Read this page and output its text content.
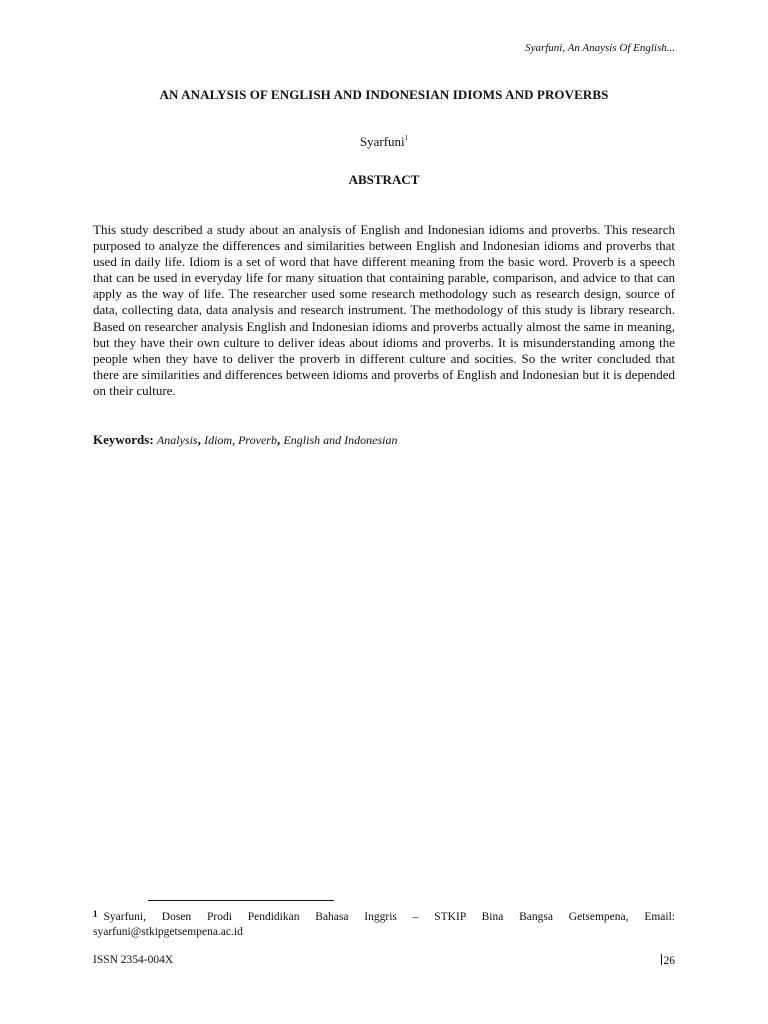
Syarfuni, An Anaysis Of English...
AN ANALYSIS OF ENGLISH AND INDONESIAN IDIOMS AND PROVERBS
Syarfuni$^1$
ABSTRACT
This study described a study about an analysis of English and Indonesian idioms and proverbs. This research purposed to analyze the differences and similarities between English and Indonesian idioms and proverbs that used in daily life. Idiom is a set of word that have different meaning from the basic word. Proverb is a speech that can be used in everyday life for many situation that containing parable, comparison, and advice to that can apply as the way of life. The researcher used some research methodology such as research design, source of data, collecting data, data analysis and research instrument. The methodology of this study is library research. Based on researcher analysis English and Indonesian idioms and proverbs actually almost the same in meaning, but they have their own culture to deliver ideas about idioms and proverbs. It is misunderstanding among the people when they have to deliver the proverb in different culture and socities. So the writer concluded that there are similarities and differences between idioms and proverbs of English and Indonesian but it is depended on their culture.
Keywords: Analysis, Idiom, Proverb, English and Indonesian
$^1$ Syarfuni, Dosen Prodi Pendidikan Bahasa Inggris – STKIP Bina Bangsa Getsempena, Email: syarfuni@stkipgetsempena.ac.id
ISSN 2354-004X	26
